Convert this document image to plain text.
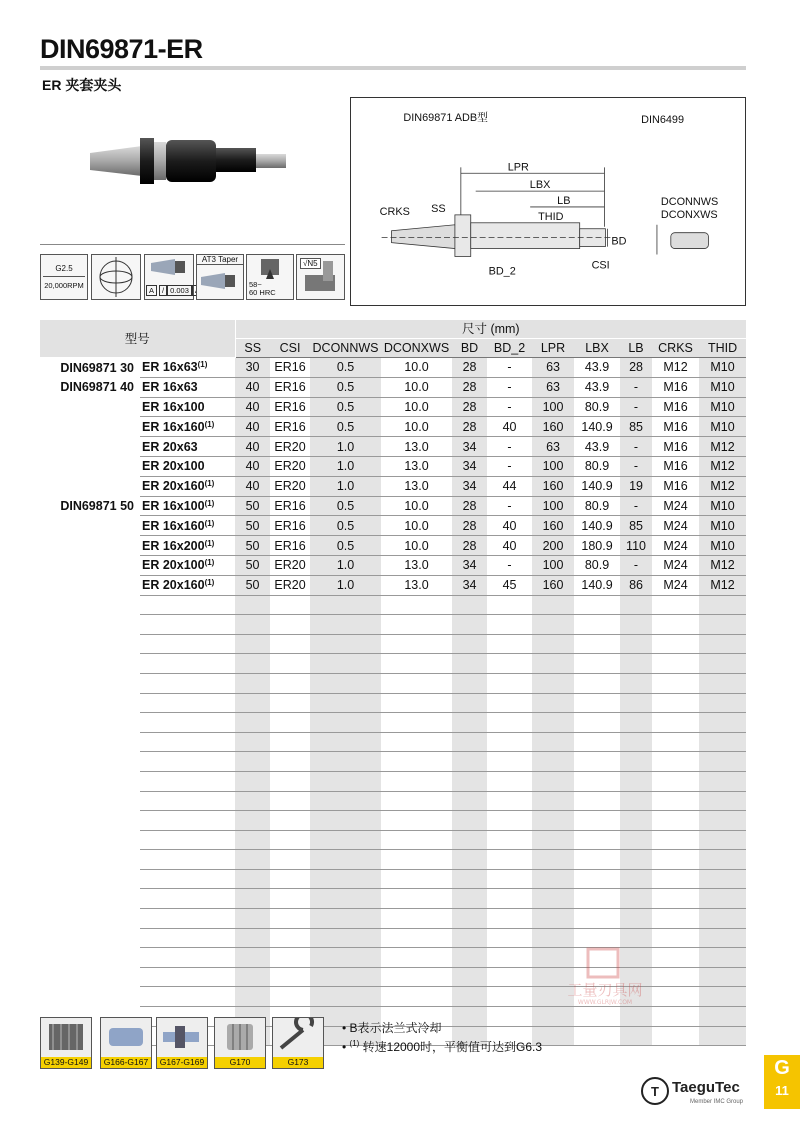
DIN69871-ER
ER 夹套夹头
G2.5
20,000RPM
A	/ 0.003
AT3 Taper
58~
60 HRC
√N5
DIN69871 ADB型	DIN6499
LPR
LBX
LB
THID
CRKS SS
BD
BD_2	CSI
DCONNWS
DCONXWS
型号		尺寸 (mm)										
		SS	CSI	DCONNWS	DCONXWS	BD	BD_2	LPR	LBX	LB	CRKS	THID
DIN69871 30	ER 16x63$^{(1)}$	30	ER16	0.5	10.0	28	-	63	43.9	28	M12	M10
DIN69871 40	ER 16x63	40	ER16	0.5	10.0	28	-	63	43.9	-	M16	M10
	ER 16x100	40	ER16	0.5	10.0	28	-	100	80.9	-	M16	M10
	ER 16x160$^{(1)}$	40	ER16	0.5	10.0	28	40	160	140.9	85	M16	M10
	ER 20x63	40	ER20	1.0	13.0	34	-	63	43.9	-	M16	M12
	ER 20x100	40	ER20	1.0	13.0	34	-	100	80.9	-	M16	M12
	ER 20x160$^{(1)}$	40	ER20	1.0	13.0	34	44	160	140.9	19	M16	M12
DIN69871 50	ER 16x100$^{(1)}$	50	ER16	0.5	10.0	28	-	100	80.9	-	M24	M10
	ER 16x160$^{(1)}$	50	ER16	0.5	10.0	28	40	160	140.9	85	M24	M10
	ER 16x200$^{(1)}$	50	ER16	0.5	10.0	28	40	200	180.9	110	M24	M10
	ER 20x100$^{(1)}$	50	ER20	1.0	13.0	34	-	100	80.9	-	M24	M12
	ER 20x160$^{(1)}$	50	ER20	1.0	13.0	34	45	160	140.9	86	M24	M12

G139-G149	G166-G167	G167-G169	G170	G173
• B表示法兰式冷却
• $^{(1)}$ 转速12000时，平衡值可达到G6.3
工量刃具网
WWW.GLRJW.COM
T TaeguTec
Member IMC Group
G
11
